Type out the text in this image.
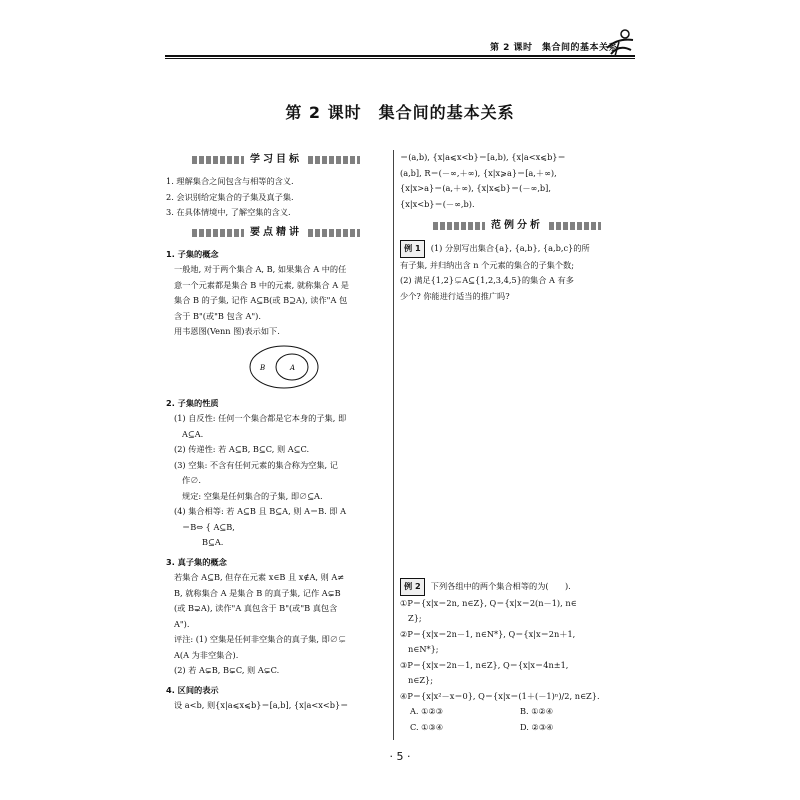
第 2 课时　集合间的基本关系
第 2 课时　集合间的基本关系
学习目标
1. 理解集合之间包含与相等的含义.
2. 会识别给定集合的子集及真子集.
3. 在具体情境中, 了解空集的含义.
要点精讲
1. 子集的概念
一般地, 对于两个集合 A, B, 如果集合 A 中的任
意一个元素都是集合 B 中的元素, 就称集合 A 是
集合 B 的子集, 记作 A⊆B(或 B⊇A), 读作"A 包
含于 B"(或"B 包含 A").
用韦恩图(Venn 图)表示如下.
B	A
2. 子集的性质
(1) 自反性: 任何一个集合都是它本身的子集, 即
A⊆A.
(2) 传递性: 若 A⊆B, B⊆C, 则 A⊆C.
(3) 空集: 不含有任何元素的集合称为空集, 记
作∅.
规定: 空集是任何集合的子集, 即∅⊆A.
(4) 集合相等: 若 A⊆B 且 B⊆A, 则 A＝B. 即 A
＝B⇔ { A⊆B,
B⊆A.
3. 真子集的概念
若集合 A⊆B, 但存在元素 x∈B 且 x∉A, 则 A≠
B, 就称集合 A 是集合 B 的真子集, 记作 A⊊B
(或 B⊋A), 读作"A 真包含于 B"(或"B 真包含
A").
评注: (1) 空集是任何非空集合的真子集, 即∅⊊
A(A 为非空集合).
(2) 若 A⊊B, B⊊C, 则 A⊊C.
4. 区间的表示
设 a<b, 则{x|a⩽x⩽b}＝[a,b], {x|a<x<b}＝
＝(a,b), {x|a⩽x<b}＝[a,b), {x|a<x⩽b}＝
(a,b], R＝(－∞,＋∞), {x|x⩾a}＝[a,＋∞),
{x|x>a}＝(a,＋∞), {x|x⩽b}＝(－∞,b],
{x|x<b}＝(－∞,b).
范例分析
例 1 (1) 分别写出集合{a}, {a,b}, {a,b,c}的所
有子集, 并归纳出含 n 个元素的集合的子集个数;
(2) 满足{1,2}⊊A⊆{1,2,3,4,5}的集合 A 有多
少个? 你能进行适当的推广吗?
例 2 下列各组中的两个集合相等的为(　　).
①P＝{x|x＝2n, n∈Z}, Q＝{x|x＝2(n－1), n∈
Z};
②P＝{x|x＝2n－1, n∈N*}, Q＝{x|x＝2n＋1,
n∈N*};
③P＝{x|x＝2n－1, n∈Z}, Q＝{x|x＝4n±1,
n∈Z};
④P＝{x|x²－x＝0}, Q＝{x|x＝(1＋(－1)ⁿ)/2, n∈Z}.
A. ①②③	B. ①②④
C. ①③④	D. ②③④
· 5 ·
